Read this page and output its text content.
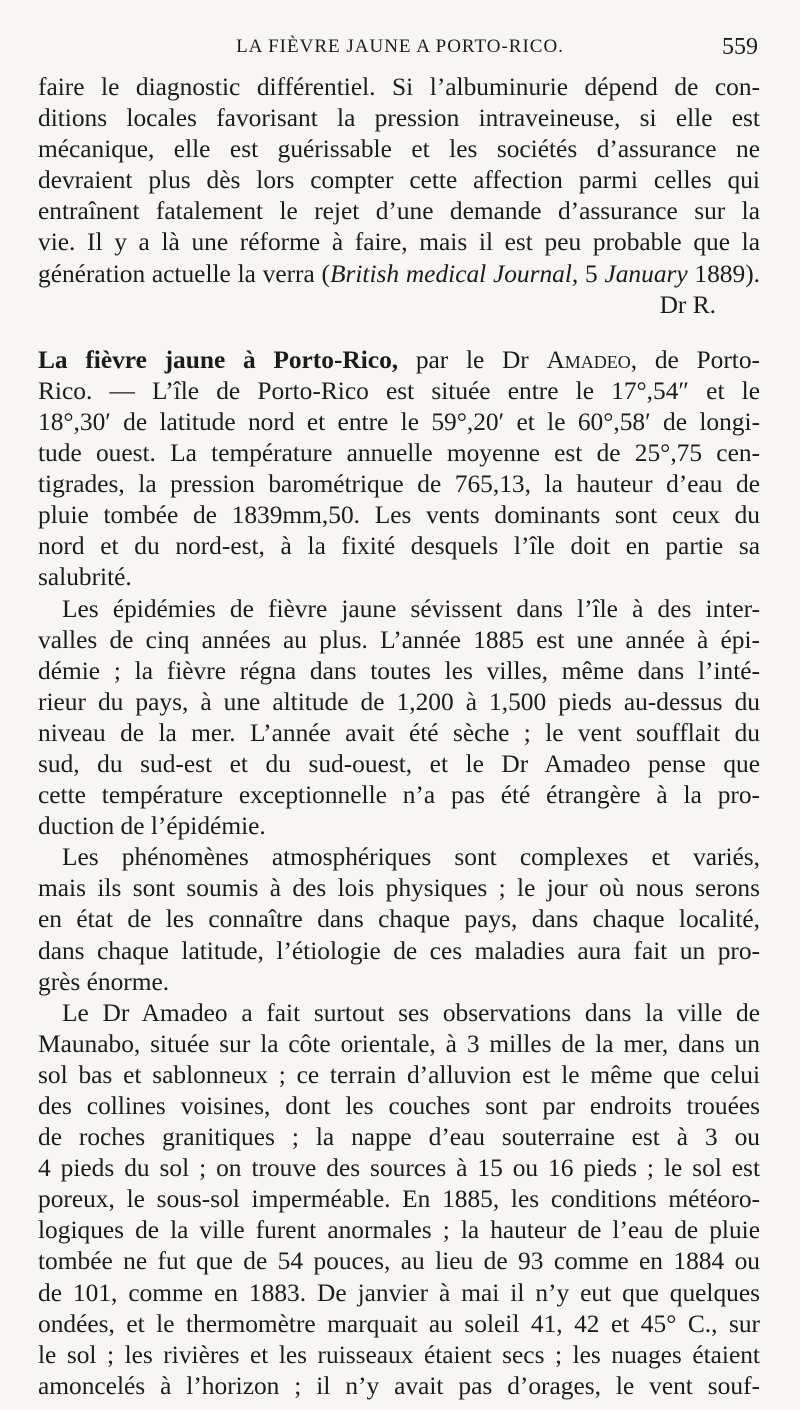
LA FIÈVRE JAUNE A PORTO-RICO.	559
faire le diagnostic différentiel. Si l’albuminurie dépend de con-
ditions locales favorisant la pression intraveineuse, si elle est
mécanique, elle est guérissable et les sociétés d’assurance ne
devraient plus dès lors compter cette affection parmi celles qui
entraînent fatalement le rejet d’une demande d’assurance sur la
vie. Il y a là une réforme à faire, mais il est peu probable que la
génération actuelle la verra (British medical Journal, 5 January 1889).
Dr R.
La fièvre jaune à Porto-Rico, par le Dr Amadeo, de Porto-
Rico. — L’île de Porto-Rico est située entre le 17°,54″ et le
18°,30′ de latitude nord et entre le 59°,20′ et le 60°,58′ de longi-
tude ouest. La température annuelle moyenne est de 25°,75 cen-
tigrades, la pression barométrique de 765,13, la hauteur d’eau de
pluie tombée de 1839mm,50. Les vents dominants sont ceux du
nord et du nord-est, à la fixité desquels l’île doit en partie sa
salubrité.
Les épidémies de fièvre jaune sévissent dans l’île à des inter-
valles de cinq années au plus. L’année 1885 est une année à épi-
démie ; la fièvre régna dans toutes les villes, même dans l’inté-
rieur du pays, à une altitude de 1,200 à 1,500 pieds au-dessus du
niveau de la mer. L’année avait été sèche ; le vent soufflait du
sud, du sud-est et du sud-ouest, et le Dr Amadeo pense que
cette température exceptionnelle n’a pas été étrangère à la pro-
duction de l’épidémie.
Les phénomènes atmosphériques sont complexes et variés,
mais ils sont soumis à des lois physiques ; le jour où nous serons
en état de les connaître dans chaque pays, dans chaque localité,
dans chaque latitude, l’étiologie de ces maladies aura fait un pro-
grès énorme.
Le Dr Amadeo a fait surtout ses observations dans la ville de
Maunabo, située sur la côte orientale, à 3 milles de la mer, dans un
sol bas et sablonneux ; ce terrain d’alluvion est le même que celui
des collines voisines, dont les couches sont par endroits trouées
de roches granitiques ; la nappe d’eau souterraine est à 3 ou
4 pieds du sol ; on trouve des sources à 15 ou 16 pieds ; le sol est
poreux, le sous-sol imperméable. En 1885, les conditions météoro-
logiques de la ville furent anormales ; la hauteur de l’eau de pluie
tombée ne fut que de 54 pouces, au lieu de 93 comme en 1884 ou
de 101, comme en 1883. De janvier à mai il n’y eut que quelques
ondées, et le thermomètre marquait au soleil 41, 42 et 45° C., sur
le sol ; les rivières et les ruisseaux étaient secs ; les nuages étaient
amoncelés à l’horizon ; il n’y avait pas d’orages, le vent souf-
